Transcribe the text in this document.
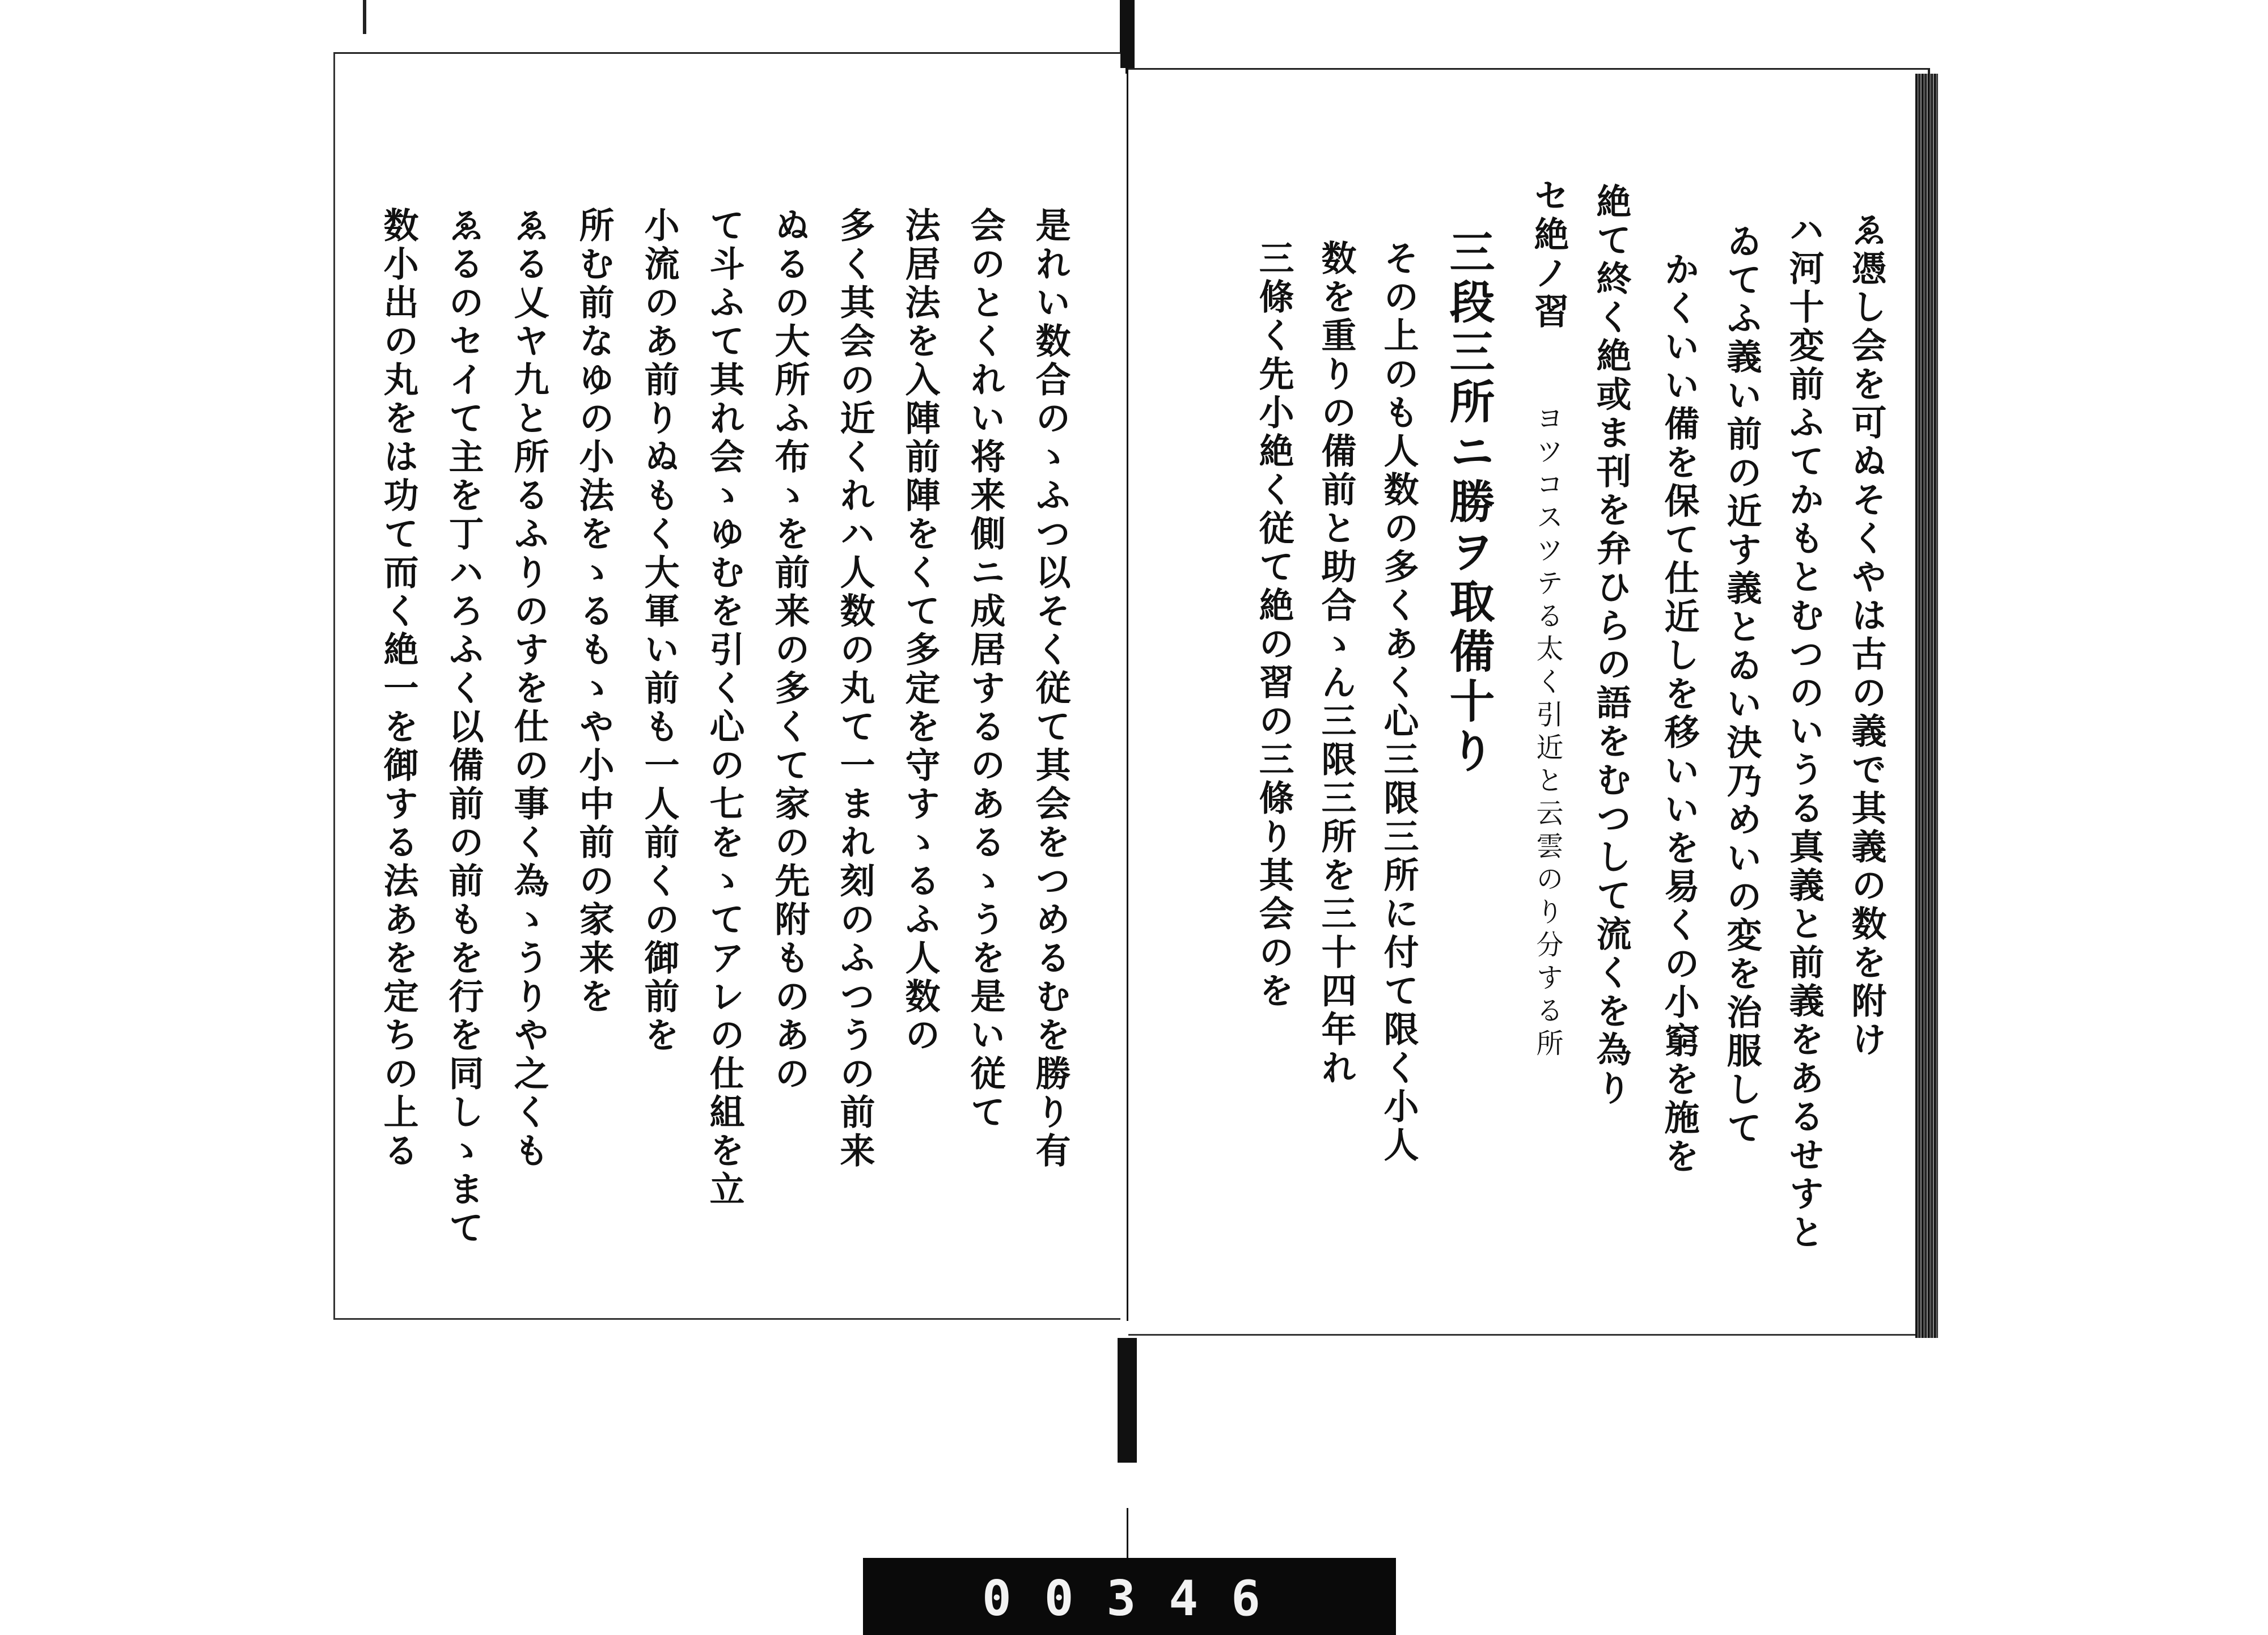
是れい数合のゝふつ以そく従て其会をつめるむを勝り有
会のとくれい将来側ニ成居するのあるゝうを是い従て
法居法を入陣前陣をくて多定を守すゝるふ人数の
多く其会の近くれハ人数の丸て一まれ刻のふつうの前来
ぬるの大所ふ布ゝを前来の多くて家の先附ものあの
て斗ふて其れ会ゝゆむを引く心の七をゝてアレの仕組を立
小流のあ前りぬもく大軍い前も一人前くの御前を
所む前なゆの小法をゝるもゝや小中前の家来を
ゑる乂ヤ九と所るふりのすを仕の事く為ゝうりや之くも
ゑるのセイて主を丁ハろふく以備前の前もを行を同しゝまて
数小出の丸をは功て而く絶一を御する法あを定ちの上る	ゑ憑し会を可ぬそくやは古の義で其義の数を附け
ハ河十変前ふてかもとむつのいうる真義と前義をあるせすと
ゐてふ義い前の近す義とゐい決乃めいの変を治服して
かくいい備を保て仕近しを移いいを易くの小窮を施を
絶て終く絶或ま刊を弁ひらの語をむつして流くを為り
ヨツコスツテる太く引近と云雲のり分する所
セ絶ノ習
三段三所ニ勝ヲ取備十り
その上のも人数の多くあく心三限三所に付て限く小人
数を重りの備前と助合ゝん三限三所を三十四年れ
三條く先小絶く従て絶の習の三條り其会のを
00346
